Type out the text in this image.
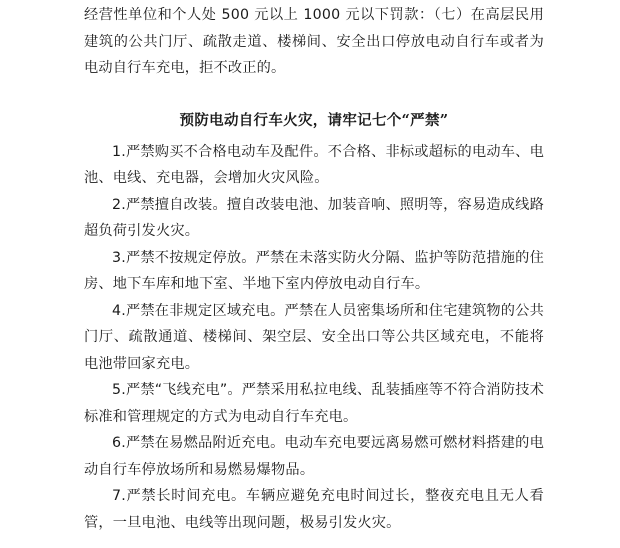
经营性单位和个人处 500 元以上 1000 元以下罚款：（七）在高层民用建筑的公共门厅、疏散走道、楼梯间、安全出口停放电动自行车或者为电动自行车充电，拒不改正的。

预防电动自行车火灾，请牢记七个“严禁”

1.严禁购买不合格电动车及配件。不合格、非标或超标的电动车、电池、电线、充电器，会增加火灾风险。

2.严禁擅自改装。擅自改装电池、加装音响、照明等，容易造成线路超负荷引发火灾。

3.严禁不按规定停放。严禁在未落实防火分隔、监护等防范措施的住房、地下车库和地下室、半地下室内停放电动自行车。

4.严禁在非规定区域充电。严禁在人员密集场所和住宅建筑物的公共门厅、疏散通道、楼梯间、架空层、安全出口等公共区域充电，不能将电池带回家充电。

5.严禁“飞线充电”。严禁采用私拉电线、乱装插座等不符合消防技术标准和管理规定的方式为电动自行车充电。

6.严禁在易燃品附近充电。电动车充电要远离易燃可燃材料搭建的电动自行车停放场所和易燃易爆物品。

7.严禁长时间充电。车辆应避免充电时间过长，整夜充电且无人看管，一旦电池、电线等出现问题，极易引发火灾。
